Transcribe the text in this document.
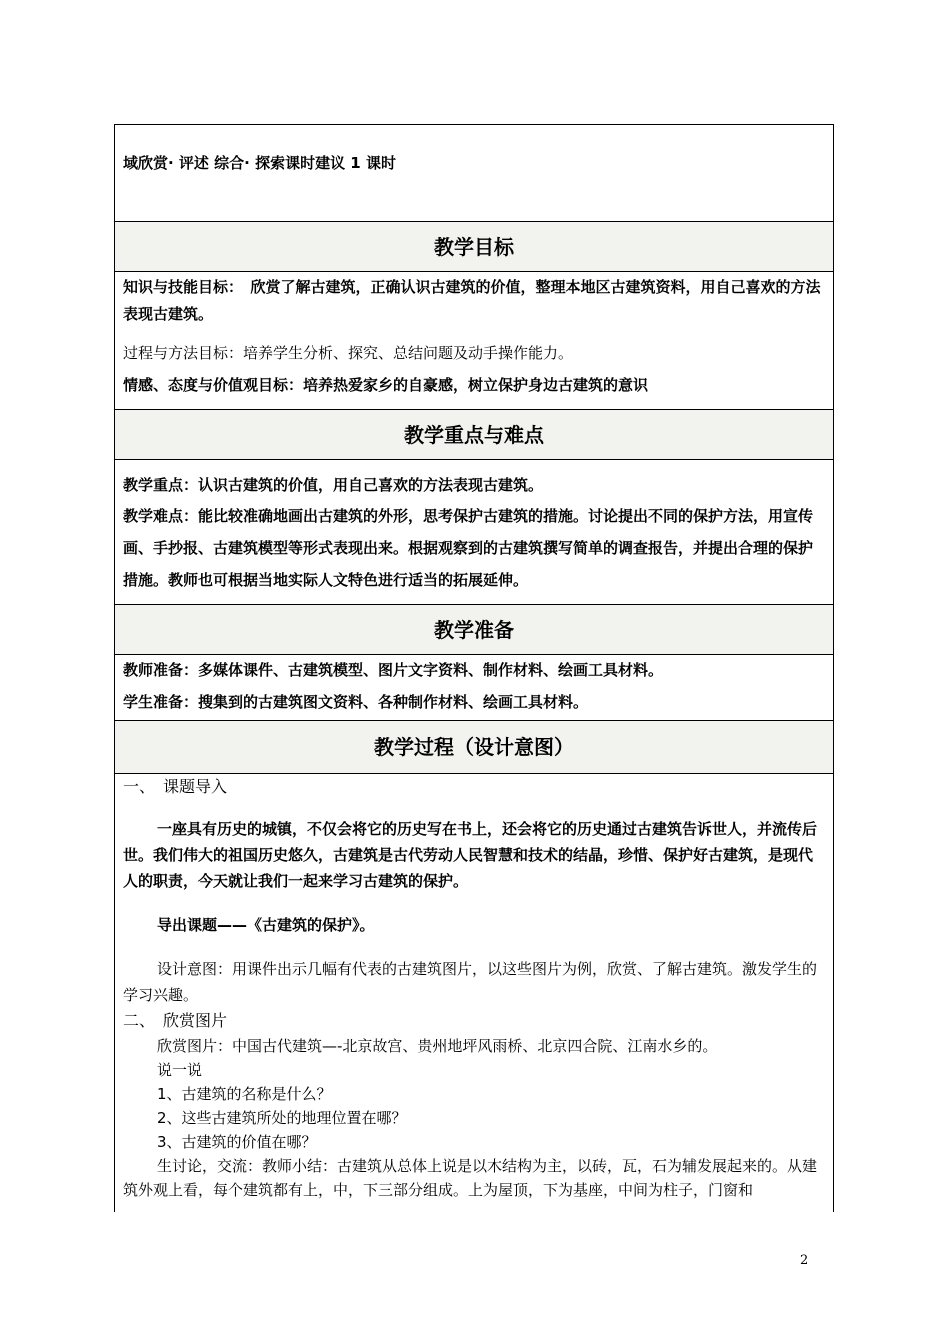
域欣赏· 评述 综合· 探索课时建议 1 课时
教学目标

知识与技能目标：　欣赏了解古建筑，正确认识古建筑的价值，整理本地区古建筑资料，用自己喜欢的方法表现古建筑。

过程与方法目标：培养学生分析、探究、总结问题及动手操作能力。

情感、态度与价值观目标：培养热爱家乡的自豪感，树立保护身边古建筑的意识

教学重点与难点

教学重点：认识古建筑的价值，用自己喜欢的方法表现古建筑。

教学难点：能比较准确地画出古建筑的外形，思考保护古建筑的措施。讨论提出不同的保护方法，用宣传画、手抄报、古建筑模型等形式表现出来。根据观察到的古建筑撰写简单的调查报告，并提出合理的保护措施。教师也可根据当地实际人文特色进行适当的拓展延伸。

教学准备

教师准备：多媒体课件、古建筑模型、图片文字资料、制作材料、绘画工具材料。

学生准备：搜集到的古建筑图文资料、各种制作材料、绘画工具材料。

教学过程（设计意图）

一、　课题导入

一座具有历史的城镇，不仅会将它的历史写在书上，还会将它的历史通过古建筑告诉世人，并流传后世。我们伟大的祖国历史悠久，古建筑是古代劳动人民智慧和技术的结晶，珍惜、保护好古建筑，是现代人的职责，今天就让我们一起来学习古建筑的保护。

导出课题——《古建筑的保护》。

设计意图：用课件出示几幅有代表的古建筑图片，以这些图片为例，欣赏、了解古建筑。激发学生的学习兴趣。

二、　欣赏图片

欣赏图片：中国古代建筑—-北京故宫、贵州地坪风雨桥、北京四合院、江南水乡的。

说一说

1、古建筑的名称是什么？

2、这些古建筑所处的地理位置在哪？

3、古建筑的价值在哪？

生讨论，交流：教师小结：古建筑从总体上说是以木结构为主，以砖，瓦，石为辅发展起来的。从建筑外观上看，每个建筑都有上，中，下三部分组成。上为屋顶，下为基座，中间为柱子，门窗和

2
